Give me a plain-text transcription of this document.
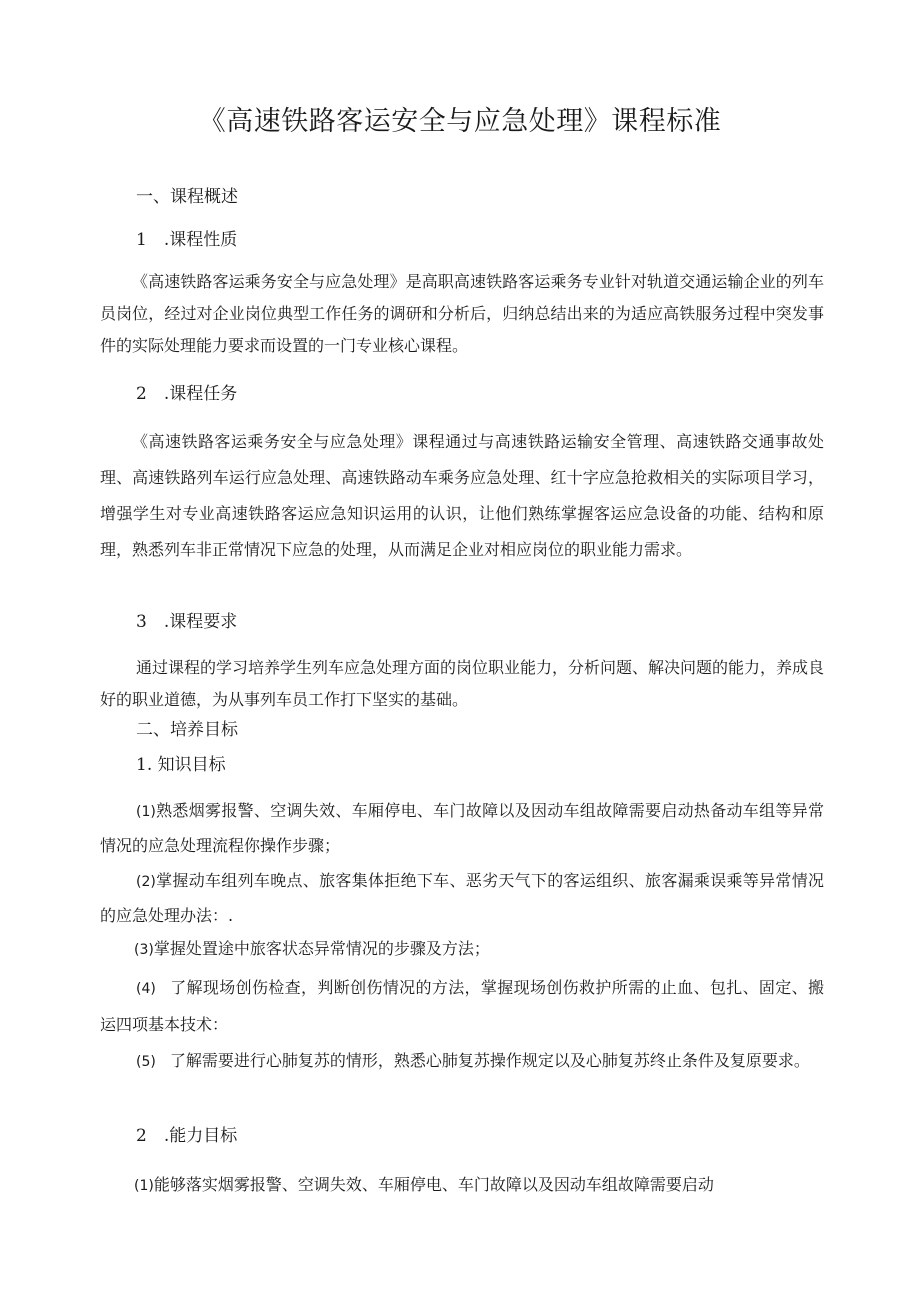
《高速铁路客运安全与应急处理》课程标准
一、课程概述
1　.课程性质
《高速铁路客运乘务安全与应急处理》是高职高速铁路客运乘务专业针对轨道交通运输企业的列车员岗位，经过对企业岗位典型工作任务的调研和分析后，归纳总结出来的为适应高铁服务过程中突发事件的实际处理能力要求而设置的一门专业核心课程。
2　.课程任务
《高速铁路客运乘务安全与应急处理》课程通过与高速铁路运输安全管理、高速铁路交通事故处理、高速铁路列车运行应急处理、高速铁路动车乘务应急处理、红十字应急抢救相关的实际项目学习，增强学生对专业高速铁路客运应急知识运用的认识，让他们熟练掌握客运应急设备的功能、结构和原理，熟悉列车非正常情况下应急的处理，从而满足企业对相应岗位的职业能力需求。
3　.课程要求
通过课程的学习培养学生列车应急处理方面的岗位职业能力，分析问题、解决问题的能力，养成良好的职业道德，为从事列车员工作打下坚实的基础。
二、培养目标
1. 知识目标
(1)熟悉烟雾报警、空调失效、车厢停电、车门故障以及因动车组故障需要启动热备动车组等异常情况的应急处理流程你操作步骤；
(2)掌握动车组列车晚点、旅客集体拒绝下车、恶劣天气下的客运组织、旅客漏乘误乘等异常情况的应急处理办法：.
(3)掌握处置途中旅客状态异常情况的步骤及方法；
(4) 了解现场创伤检查，判断创伤情况的方法，掌握现场创伤救护所需的止血、包扎、固定、搬运四项基本技术：
(5) 了解需要进行心肺复苏的情形，熟悉心肺复苏操作规定以及心肺复苏终止条件及复原要求。
2　.能力目标
(1)能够落实烟雾报警、空调失效、车厢停电、车门故障以及因动车组故障需要启动
